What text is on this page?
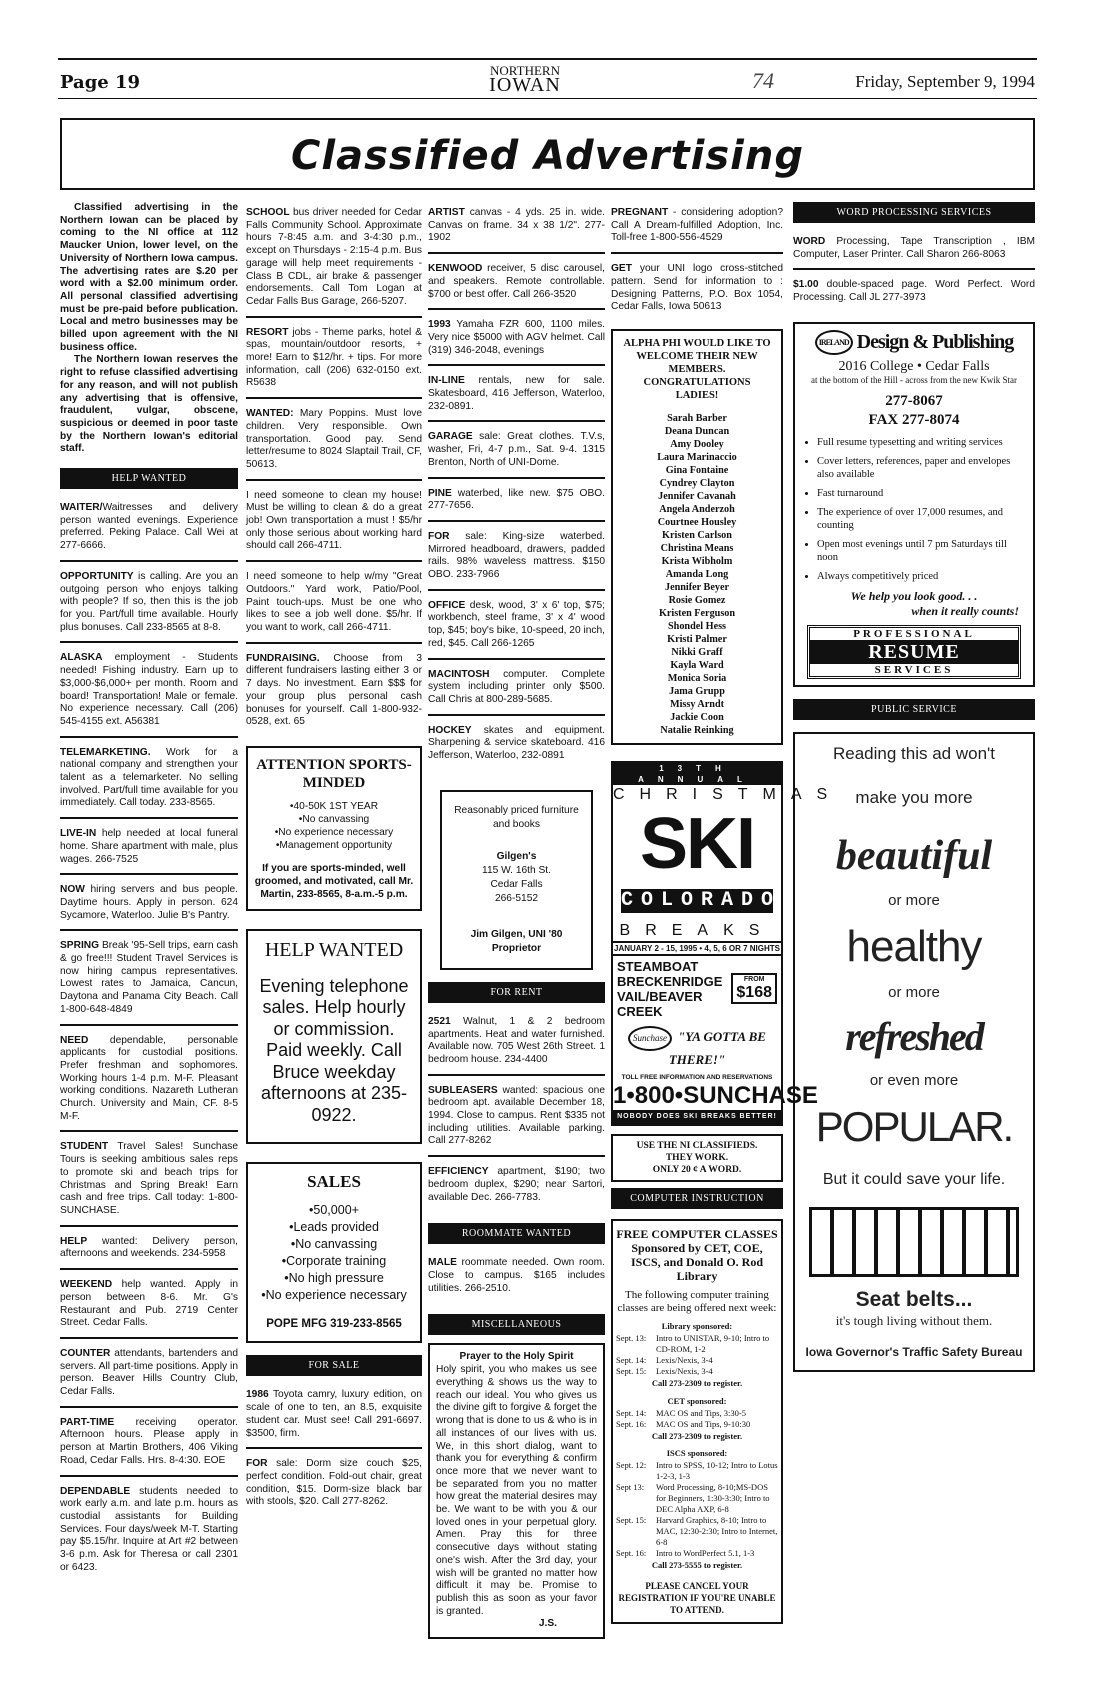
Page 19
NORTHERN
IOWAN	74	Friday, September 9, 1994
Classified Advertising

Classified advertising in the Northern Iowan can be placed by coming to the NI office at 112 Maucker Union, lower level, on the University of Northern Iowa campus. The advertising rates are $.20 per word with a $2.00 minimum order. All personal classified advertising must be pre-paid before publication. Local and metro businesses may be billed upon agreement with the NI business office.

The Northern Iowan reserves the right to refuse classified advertising for any reason, and will not publish any advertising that is offensive, fraudulent, vulgar, obscene, suspicious or deemed in poor taste by the Northern Iowan's editorial staff.

HELP WANTED
WAITER/Waitresses and delivery person wanted evenings. Experience preferred. Peking Palace. Call Wei at 277-6666.
OPPORTUNITY is calling. Are you an outgoing person who enjoys talking with people? If so, then this is the job for you. Part/full time available. Hourly plus bonuses. Call 233-8565 at 8-8.
ALASKA employment - Students needed! Fishing industry. Earn up to $3,000-$6,000+ per month. Room and board! Transportation! Male or female. No experience necessary. Call (206) 545-4155 ext. A56381
TELEMARKETING. Work for a national company and strengthen your talent as a telemarketer. No selling involved. Part/full time available for you immediately. Call today. 233-8565.
LIVE-IN help needed at local funeral home. Share apartment with male, plus wages. 266-7525
NOW hiring servers and bus people. Daytime hours. Apply in person. 624 Sycamore, Waterloo. Julie B's Pantry.
SPRING Break '95-Sell trips, earn cash & go free!!! Student Travel Services is now hiring campus representatives. Lowest rates to Jamaica, Cancun, Daytona and Panama City Beach. Call 1-800-648-4849
NEED dependable, personable applicants for custodial positions. Prefer freshman and sophomores. Working hours 1-4 p.m. M-F. Pleasant working conditions. Nazareth Lutheran Church. University and Main, CF. 8-5 M-F.
STUDENT Travel Sales! Sunchase Tours is seeking ambitious sales reps to promote ski and beach trips for Christmas and Spring Break! Earn cash and free trips. Call today: 1-800-SUNCHASE.
HELP wanted: Delivery person, afternoons and weekends. 234-5958
WEEKEND help wanted. Apply in person between 8-6. Mr. G's Restaurant and Pub. 2719 Center Street. Cedar Falls.
COUNTER attendants, bartenders and servers. All part-time positions. Apply in person. Beaver Hills Country Club, Cedar Falls.
PART-TIME receiving operator. Afternoon hours. Please apply in person at Martin Brothers, 406 Viking Road, Cedar Falls. Hrs. 8-4:30. EOE
DEPENDABLE students needed to work early a.m. and late p.m. hours as custodial assistants for Building Services. Four days/week M-T. Starting pay $5.15/hr. Inquire at Art #2 between 3-6 p.m. Ask for Theresa or call 2301 or 6423.
SCHOOL bus driver needed for Cedar Falls Community School. Approximate hours 7-8:45 a.m. and 3-4:30 p.m., except on Thursdays - 2:15-4 p.m. Bus garage will help meet requirements - Class B CDL, air brake & passenger endorsements. Call Tom Logan at Cedar Falls Bus Garage, 266-5207.
RESORT jobs - Theme parks, hotel & spas, mountain/outdoor resorts, + more! Earn to $12/hr. + tips. For more information, call (206) 632-0150 ext. R5638
WANTED: Mary Poppins. Must love children. Very responsible. Own transportation. Good pay. Send letter/resume to 8024 Slaptail Trail, CF, 50613.
I need someone to clean my house! Must be willing to clean & do a great job! Own transportation a must ! $5/hr only those serious about working hard should call 266-4711.
I need someone to help w/my "Great Outdoors." Yard work, Patio/Pool, Paint touch-ups. Must be one who likes to see a job well done. $5/hr. If you want to work, call 266-4711.
FUNDRAISING. Choose from 3 different fundraisers lasting either 3 or 7 days. No investment. Earn $$$ for your group plus personal cash bonuses for yourself. Call 1-800-932-0528, ext. 65
ATTENTION SPORTS-MINDED
•40-50K 1ST YEAR
•No canvassing
•No experience necessary
•Management opportunity
If you are sports-minded, well groomed, and motivated, call Mr. Martin, 233-8565, 8-a.m.-5 p.m.
HELP WANTED
Evening telephone sales. Help hourly or commission. Paid weekly. Call Bruce weekday afternoons at 235-0922.
SALES
•50,000+
•Leads provided
•No canvassing
•Corporate training
•No high pressure
•No experience necessary
POPE MFG 319-233-8565
FOR SALE
1986 Toyota camry, luxury edition, on scale of one to ten, an 8.5, exquisite student car. Must see! Call 291-6697. $3500, firm.
FOR sale: Dorm size couch $25, perfect condition. Fold-out chair, great condition, $15. Dorm-size black bar with stools, $20. Call 277-8262.
ARTIST canvas - 4 yds. 25 in. wide. Canvas on frame. 34 x 38 1/2". 277-1902
KENWOOD receiver, 5 disc carousel, and speakers. Remote controllable. $700 or best offer. Call 266-3520
1993 Yamaha FZR 600, 1100 miles. Very nice $5000 with AGV helmet. Call (319) 346-2048, evenings
IN-LINE rentals, new for sale. Skatesboard, 416 Jefferson, Waterloo, 232-0891.
GARAGE sale: Great clothes. T.V.s, washer, Fri, 4-7 p.m., Sat. 9-4. 1315 Brenton, North of UNI-Dome.
PINE waterbed, like new. $75 OBO. 277-7656.
FOR sale: King-size waterbed. Mirrored headboard, drawers, padded rails. 98% waveless mattress. $150 OBO. 233-7966
OFFICE desk, wood, 3' x 6' top, $75; workbench, steel frame, 3' x 4' wood top, $45; boy's bike, 10-speed, 20 inch, red, $45. Call 266-1265
MACINTOSH computer. Complete system including printer only $500. Call Chris at 800-289-5685.
HOCKEY skates and equipment. Sharpening & service skateboard. 416 Jefferson, Waterloo, 232-0891
Reasonably priced furniture and books
Gilgen's
115 W. 16th St.
Cedar Falls
266-5152
Jim Gilgen, UNI '80
Proprietor
FOR RENT
2521 Walnut, 1 & 2 bedroom apartments. Heat and water furnished. Available now. 705 West 26th Street. 1 bedroom house. 234-4400
SUBLEASERS wanted: spacious one bedroom apt. available December 18, 1994. Close to campus. Rent $335 not including utilities. Available parking. Call 277-8262
EFFICIENCY apartment, $190; two bedroom duplex, $290; near Sartori, available Dec. 266-7783.
ROOMMATE WANTED
MALE roommate needed. Own room. Close to campus. $165 includes utilities. 266-2510.
MISCELLANEOUS
Prayer to the Holy Spirit
Holy spirit, you who makes us see everything & shows us the way to reach our ideal. You who gives us the divine gift to forgive & forget the wrong that is done to us & who is in all instances of our lives with us. We, in this short dialog, want to thank you for everything & confirm once more that we never want to be separated from you no matter how great the material desires may be. We want to be with you & our loved ones in your perpetual glory. Amen. Pray this for three consecutive days without stating one's wish. After the 3rd day, your wish will be granted no matter how difficult it may be. Promise to publish this as soon as your favor is granted.
J.S.
PREGNANT - considering adoption? Call A Dream-fulfilled Adoption, Inc. Toll-free 1-800-556-4529
GET your UNI logo cross-stitched pattern. Send for information to : Designing Patterns, P.O. Box 1054, Cedar Falls, Iowa 50613
ALPHA PHI WOULD LIKE TO WELCOME THEIR NEW MEMBERS. CONGRATULATIONS LADIES!
Sarah Barber
Deana Duncan
Amy Dooley
Laura Marinaccio
Gina Fontaine
Cyndrey Clayton
Jennifer Cavanah
Angela Anderzoh
Courtnee Housley
Kristen Carlson
Christina Means
Krista Wibholm
Amanda Long
Jennifer Beyer
Rosie Gomez
Kristen Ferguson
Shondel Hess
Kristi Palmer
Nikki Graff
Kayla Ward
Monica Soria
Jama Grupp
Missy Arndt
Jackie Coon
Natalie Reinking
13TH ANNUAL
CHRISTMAS
SKI
COLORADO
BREAKS
JANUARY 2 - 15, 1995 • 4, 5, 6 OR 7 NIGHTS
STEAMBOAT
BRECKENRIDGE
VAIL/BEAVER CREEK
FROM
$168
Sunchase "YA GOTTA BE THERE!"
TOLL FREE INFORMATION AND RESERVATIONS
1•800•SUNCHASE
NOBODY DOES SKI BREAKS BETTER!
USE THE NI CLASSIFIEDS.
THEY WORK.
ONLY 20 ¢ A WORD.
COMPUTER INSTRUCTION
FREE COMPUTER CLASSES Sponsored by CET, COE, ISCS, and Donald O. Rod Library
The following computer training classes are being offered next week:
Library sponsored:
Sept. 13:	Intro to UNISTAR, 9-10; Intro to CD-ROM, 1-2
Sept. 14:	Lexis/Nexis, 3-4
Sept. 15:	Lexis/Nexis, 3-4
Call 273-2309 to register.
CET sponsored:
Sept. 14:	MAC OS and Tips, 3:30-5
Sept. 16:	MAC OS and Tips, 9-10:30
Call 273-2309 to register.
ISCS sponsored:
Sept. 12:	Intro to SPSS, 10-12; Intro to Lotus 1-2-3, 1-3
Sept 13:	Word Processing, 8-10;MS-DOS for Beginners, 1:30-3:30; Intro to DEC Alpha AXP, 6-8
Sept. 15:	Harvard Graphics, 8-10; Intro to MAC, 12:30-2:30; Intro to Internet, 6-8
Sept. 16:	Intro to WordPerfect 5.1, 1-3
Call 273-5555 to register.
PLEASE CANCEL YOUR REGISTRATION IF YOU'RE UNABLE TO ATTEND.
WORD PROCESSING SERVICES
WORD Processing, Tape Transcription , IBM Computer, Laser Printer. Call Sharon 266-8063
$1.00 double-spaced page. Word Perfect. Word Processing. Call JL 277-3973
IRELAND Design & Publishing
2016 College • Cedar Falls
at the bottom of the Hill - across from the new Kwik Star
277-8067
FAX 277-8074
• Full resume typesetting and writing services
• Cover letters, references, paper and envelopes also available
• Fast turnaround
• The experience of over 17,000 resumes, and counting
• Open most evenings until 7 pm Saturdays till noon
• Always competitively priced
We help you look good. . .
when it really counts!
PROFESSIONAL
RESUME
SERVICES
PUBLIC SERVICE
Reading this ad won't
make you more
beautiful
or more
healthy
or more
refreshed
or even more
POPULAR.
But it could save your life.
Seat belts...
it's tough living without them.
Iowa Governor's Traffic Safety Bureau
